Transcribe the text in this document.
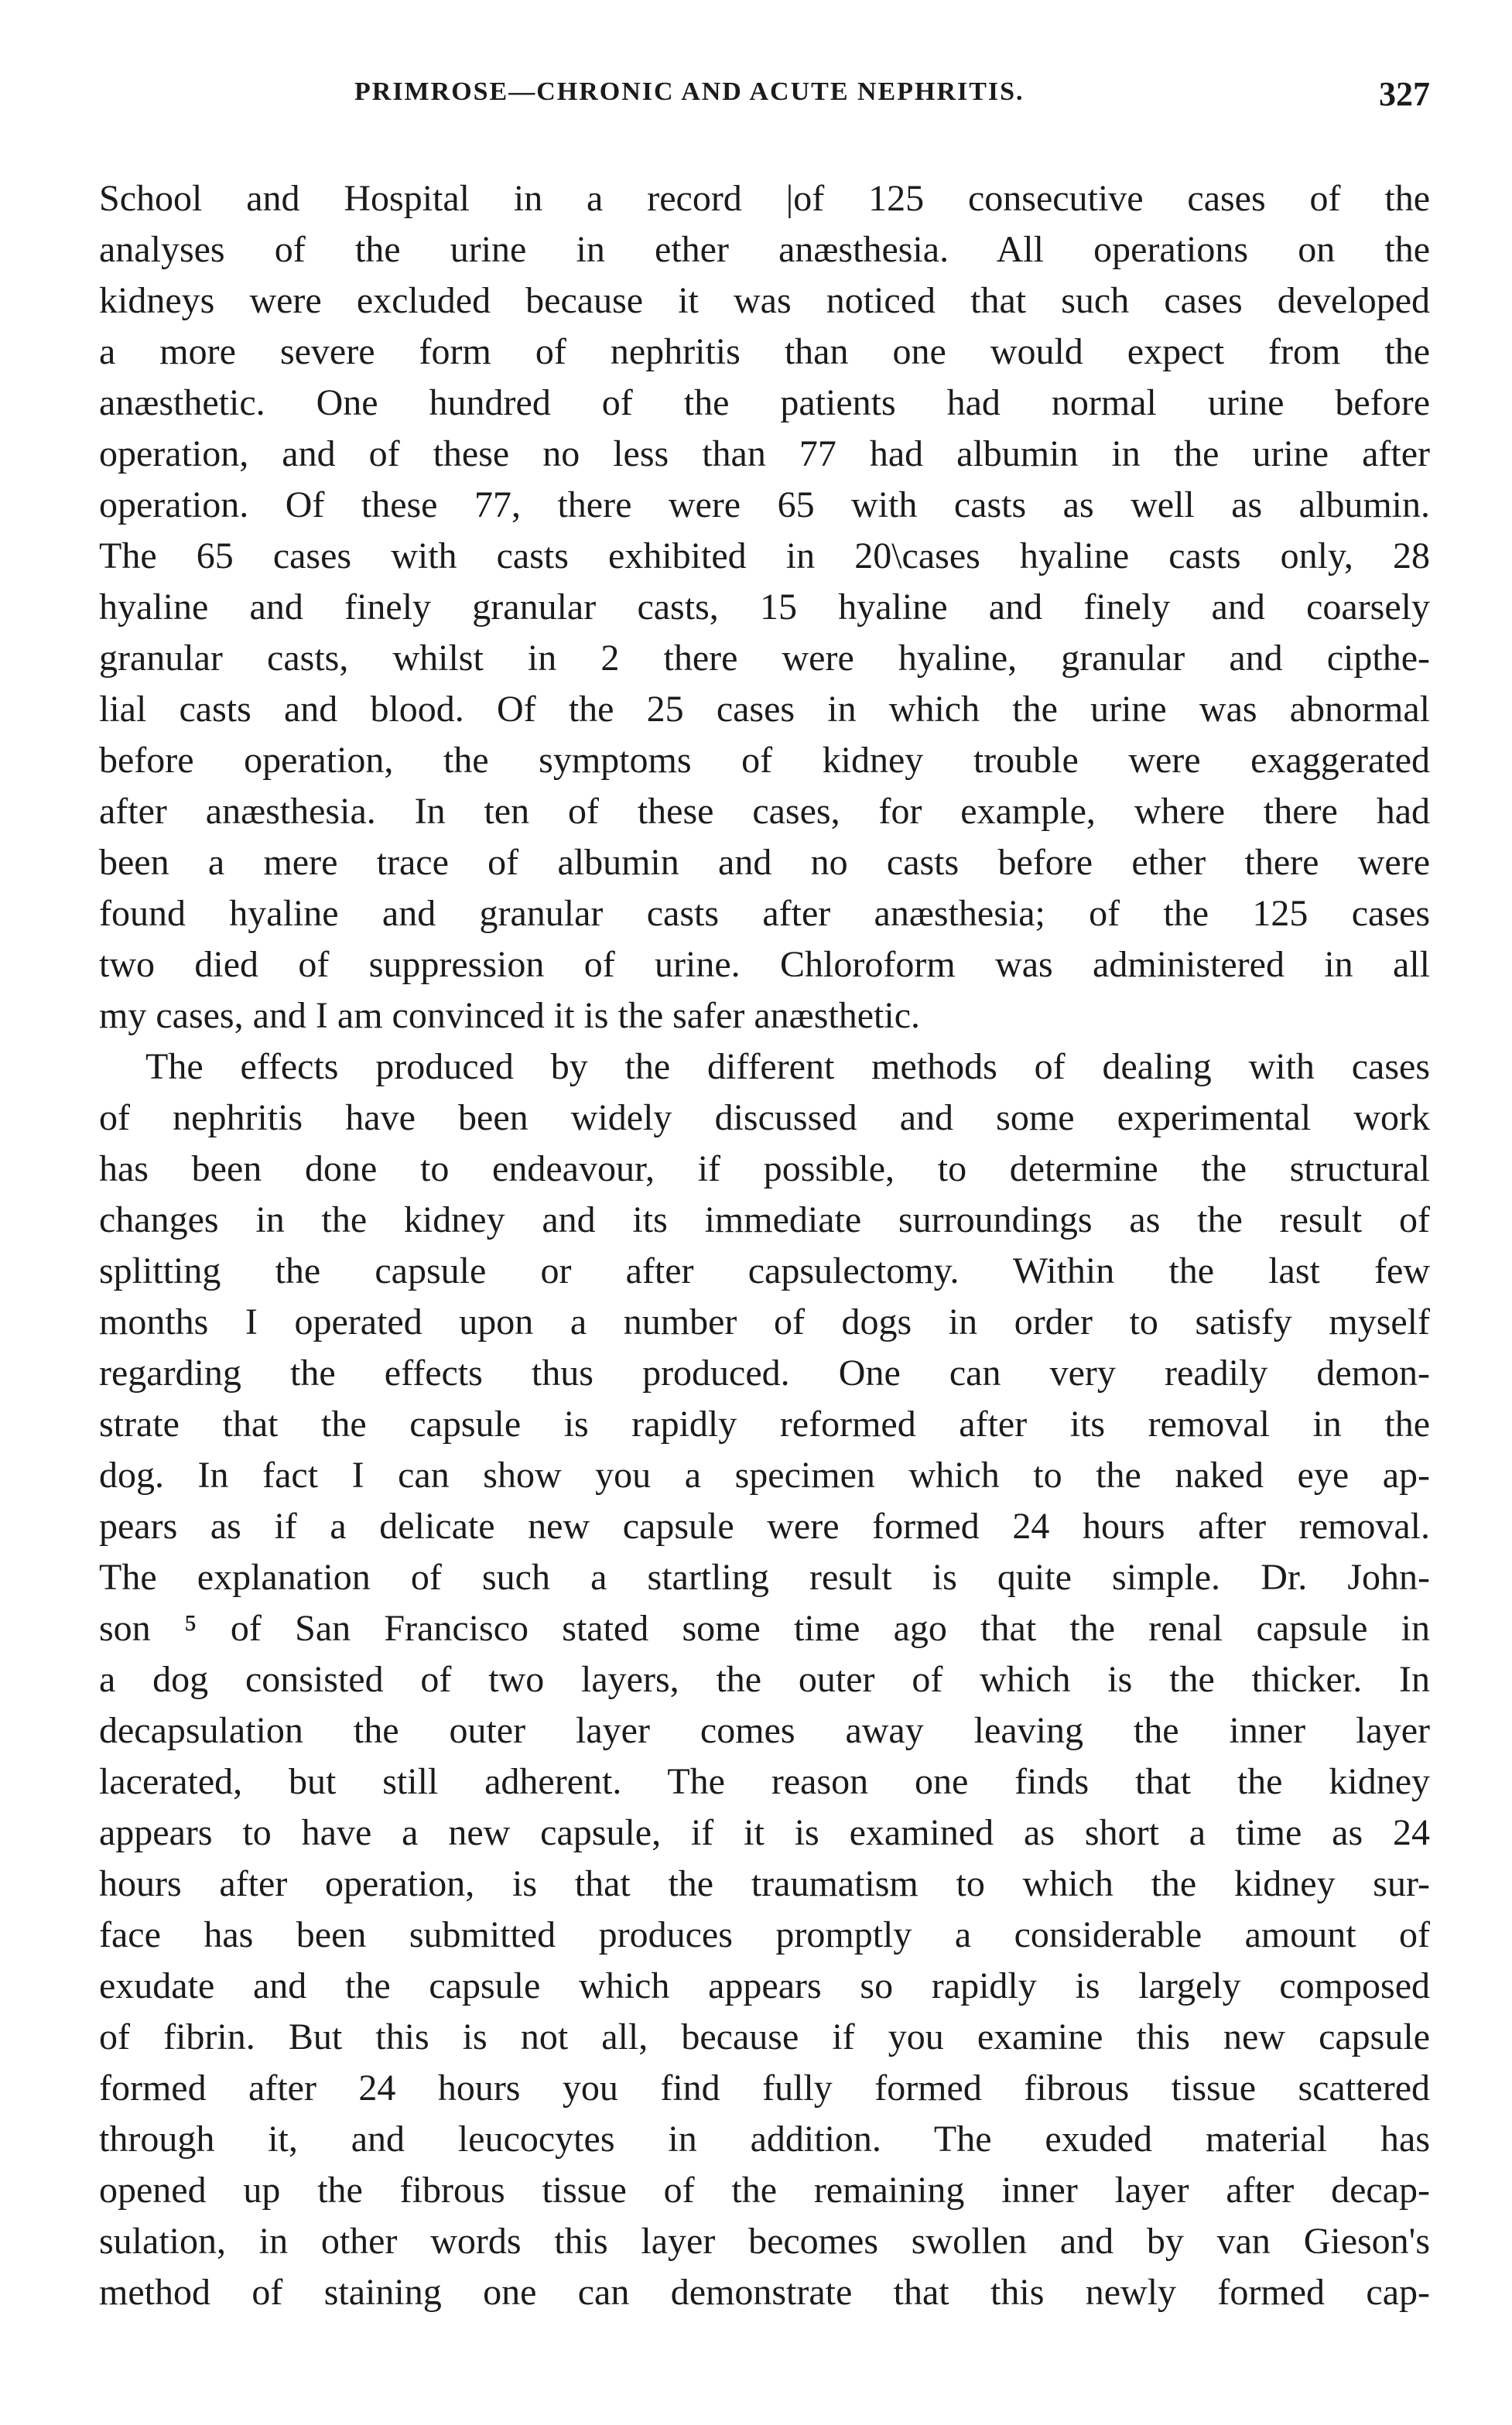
PRIMROSE—CHRONIC AND ACUTE NEPHRITIS.	327
School and Hospital in a record |of 125 consecutive cases of the
analyses of the urine in ether anæsthesia. All operations on the
kidneys were excluded because it was noticed that such cases developed
a more severe form of nephritis than one would expect from the
anæsthetic. One hundred of the patients had normal urine before
operation, and of these no less than 77 had albumin in the urine after
operation. Of these 77, there were 65 with casts as well as albumin.
The 65 cases with casts exhibited in 20\cases hyaline casts only, 28
hyaline and finely granular casts, 15 hyaline and finely and coarsely
granular casts, whilst in 2 there were hyaline, granular and cipthe-
lial casts and blood. Of the 25 cases in which the urine was abnormal
before operation, the symptoms of kidney trouble were exaggerated
after anæsthesia. In ten of these cases, for example, where there had
been a mere trace of albumin and no casts before ether there were
found hyaline and granular casts after anæsthesia; of the 125 cases
two died of suppression of urine. Chloroform was administered in all
my cases, and I am convinced it is the safer anæsthetic.
The effects produced by the different methods of dealing with cases
of nephritis have been widely discussed and some experimental work
has been done to endeavour, if possible, to determine the structural
changes in the kidney and its immediate surroundings as the result of
splitting the capsule or after capsulectomy. Within the last few
months I operated upon a number of dogs in order to satisfy myself
regarding the effects thus produced. One can very readily demon-
strate that the capsule is rapidly reformed after its removal in the
dog. In fact I can show you a specimen which to the naked eye ap-
pears as if a delicate new capsule were formed 24 hours after removal.
The explanation of such a startling result is quite simple. Dr. John-
son ⁵ of San Francisco stated some time ago that the renal capsule in
a dog consisted of two layers, the outer of which is the thicker. In
decapsulation the outer layer comes away leaving the inner layer
lacerated, but still adherent. The reason one finds that the kidney
appears to have a new capsule, if it is examined as short a time as 24
hours after operation, is that the traumatism to which the kidney sur-
face has been submitted produces promptly a considerable amount of
exudate and the capsule which appears so rapidly is largely composed
of fibrin. But this is not all, because if you examine this new capsule
formed after 24 hours you find fully formed fibrous tissue scattered
through it, and leucocytes in addition. The exuded material has
opened up the fibrous tissue of the remaining inner layer after decap-
sulation, in other words this layer becomes swollen and by van Gieson's
method of staining one can demonstrate that this newly formed cap-
